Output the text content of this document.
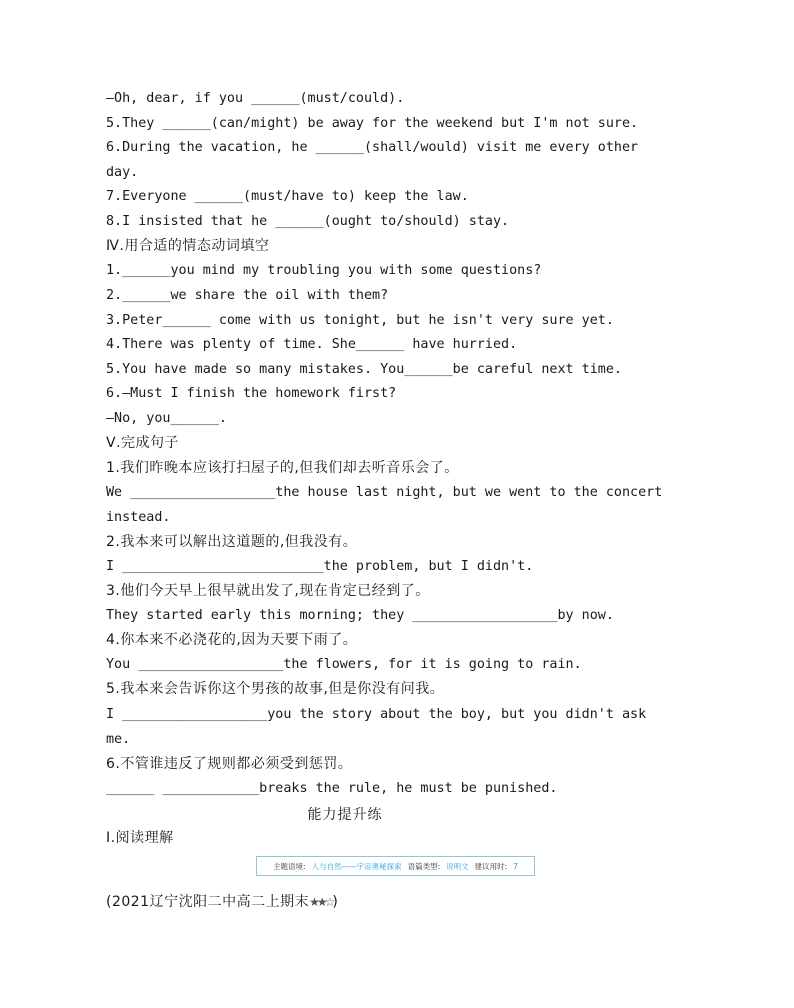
—Oh, dear, if you ______(must/could).
5.They ______(can/might) be away for the weekend but I'm not sure.
6.During the vacation, he ______(shall/would) visit me every other
day.
7.Everyone ______(must/have to) keep the law.
8.I insisted that he ______(ought to/should) stay.
Ⅳ.用合适的情态动词填空
1.______you mind my troubling you with some questions?
2.______we share the oil with them?
3.Peter______ come with us tonight, but he isn't very sure yet.
4.There was plenty of time. She______ have hurried.
5.You have made so many mistakes. You______be careful next time.
6.—Must I finish the homework first?
—No, you______.
Ⅴ.完成句子
1.我们昨晚本应该打扫屋子的,但我们却去听音乐会了。
We __________________the house last night, but we went to the concert
instead.
2.我本来可以解出这道题的,但我没有。
I _________________________the problem, but I didn't.
3.他们今天早上很早就出发了,现在肯定已经到了。
They started early this morning; they __________________by now.
4.你本来不必浇花的,因为天要下雨了。
You __________________the flowers, for it is going to rain.
5.我本来会告诉你这个男孩的故事,但是你没有问我。
I __________________you the story about the boy, but you didn't ask
me.
6.不管谁违反了规则都必须受到惩罚。
______ ____________breaks the rule, he must be punished.
能力提升练
Ⅰ.阅读理解
主题语境: 人与自然——宇宙奥秘探索 语篇类型: 说明文 建议用时: 7
(2021辽宁沈阳二中高二上期末★★☆)
